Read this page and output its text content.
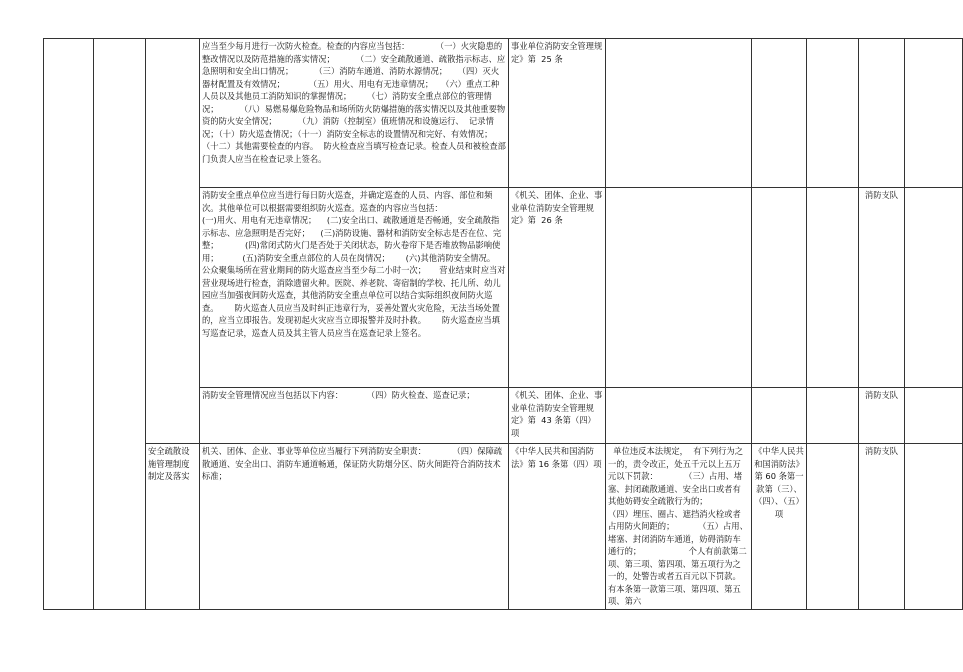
			应当至少每月进行一次防火检查。检查的内容应当包括：          （一）火灾隐患的整改情况以及防范措施的落实情况；        （二）安全疏散通道、疏散指示标志、应急照明和安全出口情况；        （三）消防车通道、消防水源情况；    （四）灭火器材配置及有效情况；         （五）用火、用电有无违章情况；   （六）重点工种人员以及其他员工消防知识的掌握情况；      （七）消防安全重点部位的管理情况；        （八）易燃易爆危险物品和场所防火防爆措施的落实情况以及其他重要物资的防火安全情况；        （九）消防（控制室）值班情况和设施运行、  记录情况；（十）防火巡查情况；（十一）消防安全标志的设置情况和完好、有效情况；          （十二）其他需要检查的内容。  防火检查应当填写检查记录。检查人员和被检查部门负责人应当在检查记录上签名。	事业单位消防安全管理规定》第  25 条					
			消防安全重点单位应当进行每日防火巡查，并确定巡查的人员、内容、部位和频次。其他单位可以根据需要组织防火巡查。巡查的内容应当包括：
(一)用火、用电有无违章情况；    (二)安全出口、疏散通道是否畅通，安全疏散指示标志、应急照明是否完好；    (三)消防设施、器材和消防安全标志是否在位、完整；          (四)常闭式防火门是否处于关闭状态，防火卷帘下是否堆放物品影响使用；         (五)消防安全重点部位的人员在岗情况；      (六)其他消防安全情况。      公众聚集场所在营业期间的防火巡查应当至少每二小时一次；     营业结束时应当对营业现场进行检查，消除遗留火种。医院、养老院、寄宿制的学校、托儿所、幼儿园应当加强夜间防火巡查，其他消防安全重点单位可以结合实际组织夜间防火巡查。      防火巡查人员应当及时纠正违章行为，妥善处置火灾危险，无法当场处置的，应当立即报告。发现初起火灾应当立即报警并及时扑救。      防火巡查应当填写巡查记录，巡查人员及其主管人员应当在巡查记录上签名。	《机关、团体、企业、事业单位消防安全管理规定》第  26 条				消防支队	
			消防安全管理情况应当包括以下内容：         （四）防火检查、巡查记录；	《机关、团体、企业、事业单位消防安全管理规定》第  43 条第（四）项				消防支队	
		安全疏散设施管理制度制定及落实	机关、团体、企业、事业等单位应当履行下列消防安全职责：          （四）保障疏散通道、安全出口、消防车通道畅通，保证防火防烟分区、防火间距符合消防技术标准；	《中华人民共和国消防法》第 16 条第（四）项	单位违反本法规定，  有下列行为之一的，责令改正，处五千元以上五万元以下罚款：          （三）占用、堵塞、封闭疏散通道、安全出口或者有其他妨碍安全疏散行为的；          （四）埋压、圈占、遮挡消火栓或者占用防火间距的；         （五）占用、堵塞、封闭消防车通道，妨碍消防车通行的；                  个人有前款第二项、第三项、第四项、第五项行为之一的，处警告或者五百元以下罚款。    有本条第一款第三项、第四项、第五项、第六	《中华人民共和国消防法》第 60 条第一款第（三）、（四）、（五）项		消防支队	
